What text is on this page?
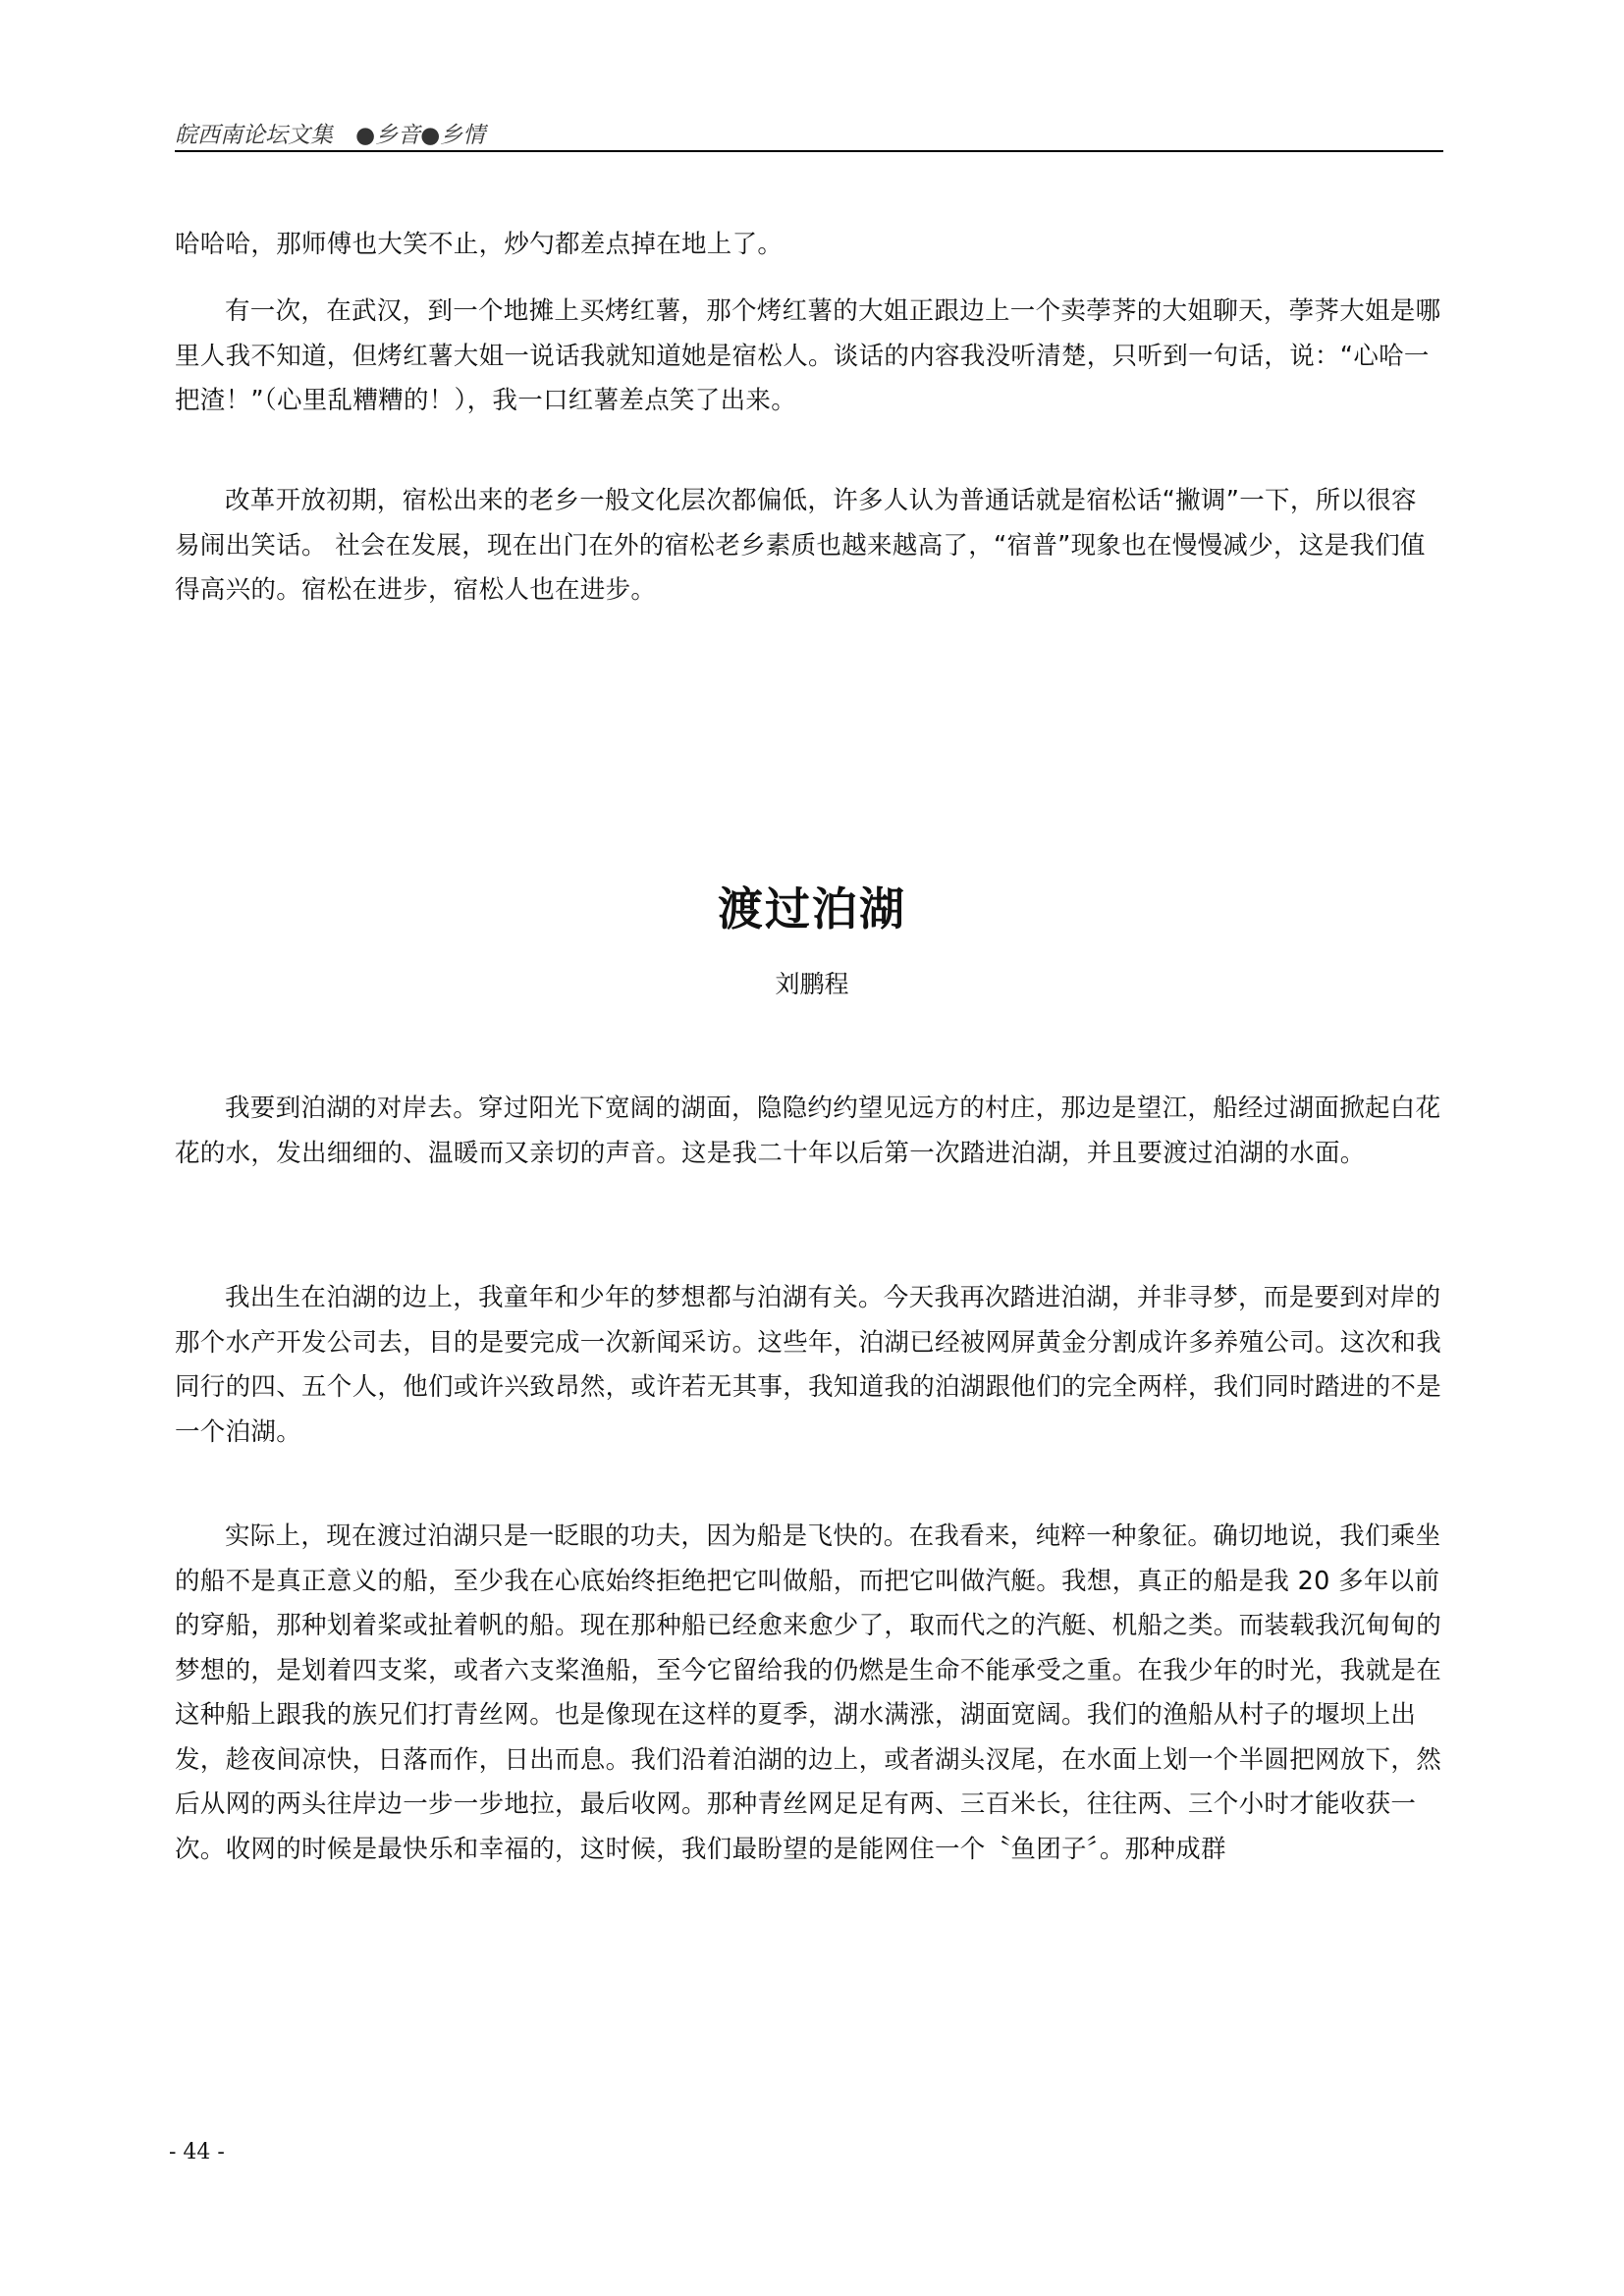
皖西南论坛文集　●乡音●乡情

哈哈哈，那师傅也大笑不止，炒勺都差点掉在地上了。

有一次，在武汉，到一个地摊上买烤红薯，那个烤红薯的大姐正跟边上一个卖荸荠的大姐聊天，荸荠大姐是哪里人我不知道，但烤红薯大姐一说话我就知道她是宿松人。谈话的内容我没听清楚，只听到一句话，说：“心哈一把渣！”（心里乱糟糟的！），我一口红薯差点笑了出来。

改革开放初期，宿松出来的老乡一般文化层次都偏低，许多人认为普通话就是宿松话“撇调”一下，所以很容易闹出笑话。 社会在发展，现在出门在外的宿松老乡素质也越来越高了，“宿普”现象也在慢慢减少，这是我们值得高兴的。宿松在进步，宿松人也在进步。

渡过泊湖
刘鹏程

我要到泊湖的对岸去。穿过阳光下宽阔的湖面，隐隐约约望见远方的村庄，那边是望江，船经过湖面掀起白花花的水，发出细细的、温暖而又亲切的声音。这是我二十年以后第一次踏进泊湖，并且要渡过泊湖的水面。

我出生在泊湖的边上，我童年和少年的梦想都与泊湖有关。今天我再次踏进泊湖，并非寻梦，而是要到对岸的那个水产开发公司去，目的是要完成一次新闻采访。这些年，泊湖已经被网屏黄金分割成许多养殖公司。这次和我同行的四、五个人，他们或许兴致昂然，或许若无其事，我知道我的泊湖跟他们的完全两样，我们同时踏进的不是一个泊湖。

实际上，现在渡过泊湖只是一眨眼的功夫，因为船是飞快的。在我看来，纯粹一种象征。确切地说，我们乘坐的船不是真正意义的船，至少我在心底始终拒绝把它叫做船，而把它叫做汽艇。我想，真正的船是我 20 多年以前的穿船，那种划着桨或扯着帆的船。现在那种船已经愈来愈少了，取而代之的汽艇、机船之类。而装载我沉甸甸的梦想的，是划着四支桨，或者六支桨渔船，至今它留给我的仍燃是生命不能承受之重。在我少年的时光，我就是在这种船上跟我的族兄们打青丝网。也是像现在这样的夏季，湖水满涨，湖面宽阔。我们的渔船从村子的堰坝上出发，趁夜间凉快，日落而作，日出而息。我们沿着泊湖的边上，或者湖头汊尾，在水面上划一个半圆把网放下，然后从网的两头往岸边一步一步地拉，最后收网。那种青丝网足足有两、三百米长，往往两、三个小时才能收获一次。收网的时候是最快乐和幸福的，这时候，我们最盼望的是能网住一个〝鱼团子〞。那种成群

- 44 -
